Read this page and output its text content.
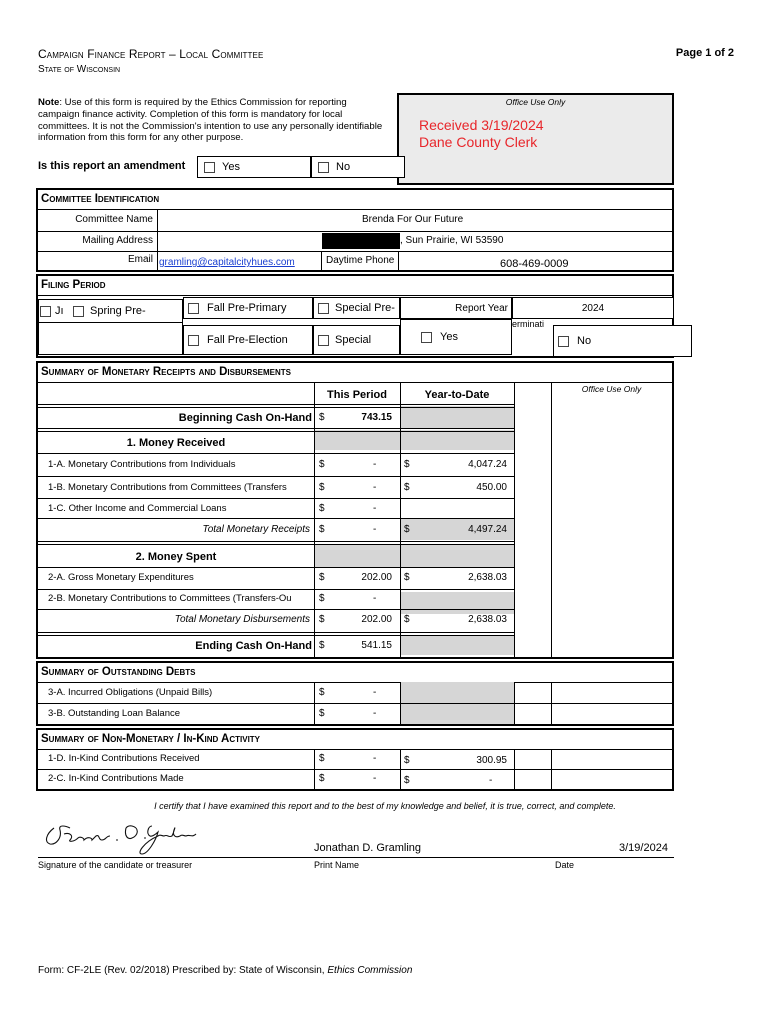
Campaign Finance Report – Local Committee
State of Wisconsin
Page 1 of 2
Note: Use of this form is required by the Ethics Commission for reporting campaign finance activity. Completion of this form is mandatory for local committees. It is not the Commission's intention to use any personally identifiable information from this form for any other purpose.
Office Use Only
Received 3/19/2024
Dane County Clerk
Is this report an amendment	Yes	No
Committee Identification
Committee Name	Brenda For Our Future
Mailing Address	, Sun Prairie, WI 53590
Email gramling@capitalcityhues.com	Daytime Phone	608-469-0009
Filing Period
Jı Spring Pre-	Fall Pre-Primary	Special Pre-
Fall Pre-Election	Special
Report Year	2024
erminati
Yes	No
Summary of Monetary Receipts and Disbursements
This Period	Year-to-Date	Office Use Only
Beginning Cash On-Hand $	743.15
1. Money Received
1-A. Monetary Contributions from Individuals	$	-	$	4,047.24
1-B. Monetary Contributions from Committees (Transfers	$	-	$	450.00
1-C. Other Income and Commercial Loans	$	-
Total Monetary Receipts $	-	$	4,497.24
2. Money Spent
2-A. Gross Monetary Expenditures	$	202.00 $	2,638.03
2-B. Monetary Contributions to Committees (Transfers-Ou	$	-
Total Monetary Disbursements $	202.00 $	2,638.03
Ending Cash On-Hand $	541.15
Summary of Outstanding Debts
3-A. Incurred Obligations (Unpaid Bills)	$	-
3-B. Outstanding Loan Balance	$	-
Summary of Non-Monetary / In-Kind Activity
1-D. In-Kind Contributions Received	$	-	$	300.95
2-C. In-Kind Contributions Made	$	-	$	-
I certify that I have examined this report and to the best of my knowledge and belief, it is true, correct, and complete.
Jonathan D. Gramling	3/19/2024
Signature of the candidate or treasurer	Print Name	Date
Form: CF-2LE (Rev. 02/2018) Prescribed by: State of Wisconsin, Ethics Commission
